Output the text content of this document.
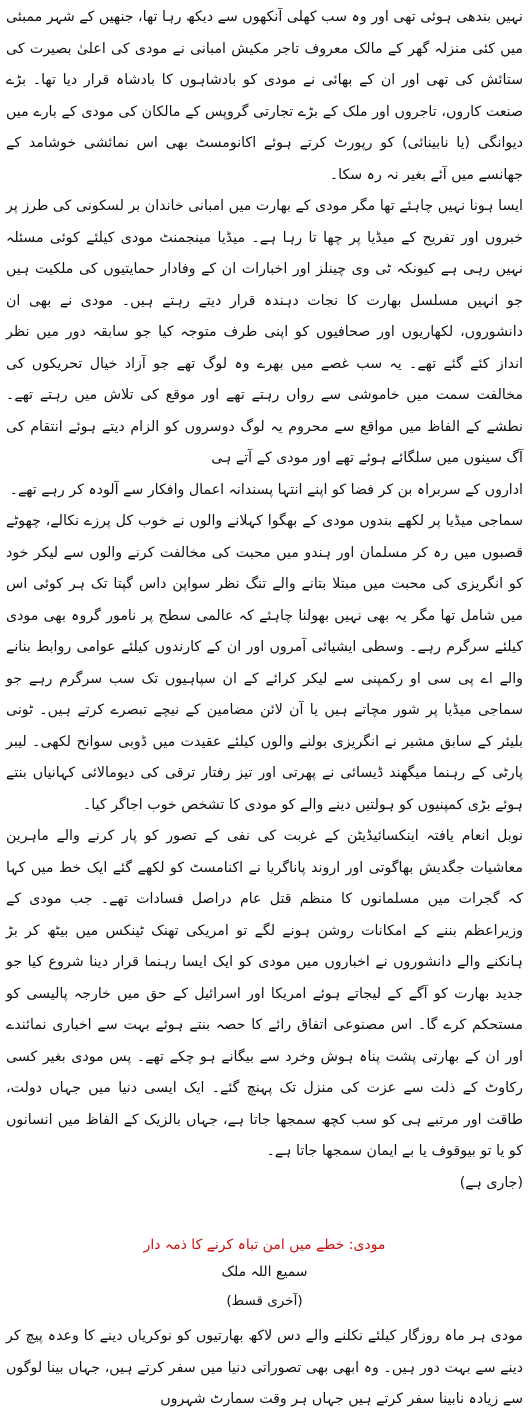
نہیں بندھی ہوئی تھی اور وہ سب کھلی آنکھوں سے دیکھ رہا تھا، جنھیں کے شہر ممبئی میں کئی منزلہ گھر کے مالک معروف تاجر مکیش امبانی نے مودی کی اعلیٰ بصیرت کی ستائش کی تھی اور ان کے بھائی نے مودی کو بادشاہوں کا بادشاہ قرار دیا تھا۔ بڑے صنعت کاروں، تاجروں اور ملک کے بڑے تجارتی گروپس کے مالکان کی مودی کے بارے میں دیوانگی (یا نابینائی) کو رپورٹ کرتے ہوئے اکانومسٹ بھی اس نمائشی خوشامد کے جھانسے میں آئے بغیر نہ رہ سکا۔

ایسا ہونا نہیں چاہئے تھا مگر مودی کے بھارت میں امبانی خاندان بر لسکونی کی طرز پر خبروں اور تفریح کے میڈیا پر چھا تا رہا ہے۔ میڈیا مینجمنٹ مودی کیلئے کوئی مسئلہ نہیں رہی ہے کیونکہ ٹی وی چینلز اور اخبارات ان کے وفادار حمایتیوں کی ملکیت ہیں جو انہیں مسلسل بھارت کا نجات دہندہ قرار دیتے رہتے ہیں۔ مودی نے بھی ان دانشوروں، لکھاریوں اور صحافیوں کو اپنی طرف متوجہ کیا جو سابقہ دور میں نظر انداز کئے گئے تھے۔ یہ سب غصے میں بھرے وہ لوگ تھے جو آزاد خیال تحریکوں کی مخالفت سمت میں خاموشی سے رواں رہتے تھے اور موقع کی تلاش میں رہتے تھے۔ نطشے کے الفاظ میں مواقع سے محروم یہ لوگ دوسروں کو الزام دیتے ہوئے انتقام کی آگ سینوں میں سلگائے ہوئے تھے اور مودی کے آتے ہی

اداروں کے سربراہ بن کر فضا کو اپنے انتہا پسندانہ اعمال وافکار سے آلودہ کر رہے تھے۔

سماجی میڈیا پر لکھے بندوں مودی کے بھگوا کہلانے والوں نے خوب کل پرزے نکالے، چھوٹے قصبوں میں رہ کر مسلمان اور ہندو میں محبت کی مخالفت کرنے والوں سے لیکر خود کو انگریزی کی محبت میں مبتلا بتانے والے تنگ نظر سواپن داس گپتا تک ہر کوئی اس میں شامل تھا مگر یہ بھی نہیں بھولنا چاہئے کہ عالمی سطح پر نامور گروہ بھی مودی کیلئے سرگرم رہے۔ وسطی ایشیائی آمروں اور ان کے کارندوں کیلئے عوامی روابط بنانے والے اے پی سی او رکمپنی سے لیکر کرائے کے ان سپاہیوں تک سب سرگرم رہے جو سماجی میڈیا پر شور مچاتے ہیں یا آن لائن مضامین کے نیچے تبصرے کرتے ہیں۔ ٹونی بلیئر کے سابق مشیر نے انگریزی بولنے والوں کیلئے عقیدت میں ڈوبی سوانح لکھی۔ لیبر پارٹی کے رہنما میگھند ڈیسائی نے پھرتی اور تیز رفتار ترقی کی دیومالائی کہانیاں بنتے ہوئے بڑی کمپنیوں کو ہولتیں دینے والے کو مودی کا تشخص خوب اجاگر کیا۔

نوبل انعام یافتہ اینکسائیڈیٹن کے غربت کی نفی کے تصور کو پار کرنے والے ماہرین معاشیات جگدیش بھاگوتی اور اروند پاناگریا نے اکنامسٹ کو لکھے گئے ایک خط میں کہا کہ گجرات میں مسلمانوں کا منظم قتل عام دراصل فسادات تھے۔ جب مودی کے وزیراعظم بننے کے امکانات روشن ہونے لگے تو امریکی تھنک ٹینکس میں بیٹھ کر بڑ ہانکنے والے دانشوروں نے اخباروں میں مودی کو ایک ایسا رہنما قرار دینا شروع کیا جو جدید بھارت کو آگے کے لیجاتے ہوئے امریکا اور اسرائیل کے حق میں خارجہ پالیسی کو مستحکم کرے گا۔ اس مصنوعی اتفاق رائے کا حصہ بنتے ہوئے بہت سے اخباری نمائندے اور ان کے بھارتی پشت پناہ ہوش وخرد سے بیگانے ہو چکے تھے۔ پس مودی بغیر کسی رکاوٹ کے ذلت سے عزت کی منزل تک پہنچ گئے۔ ایک ایسی دنیا میں جہاں دولت، طاقت اور مرتبے ہی کو سب کچھ سمجھا جاتا ہے، جہاں بالزیک کے الفاظ میں انسانوں کو یا تو بیوقوف یا بے ایمان سمجھا جاتا ہے۔

(جاری ہے)

مودی: خطے میں امن تباہ کرنے کا ذمہ دار

سمیع اللہ ملک

(آخری قسط)

مودی ہر ماہ روزگار کیلئے نکلنے والے دس لاکھ بھارتیوں کو نوکریاں دینے کا وعدہ پیچ کر دینے سے بہت دور ہیں۔ وہ ابھی بھی تصوراتی دنیا میں سفر کرتے ہیں، جہاں بینا لوگوں سے زیادہ نابینا سفر کرتے ہیں جہاں ہر وقت سمارٹ شہروں
